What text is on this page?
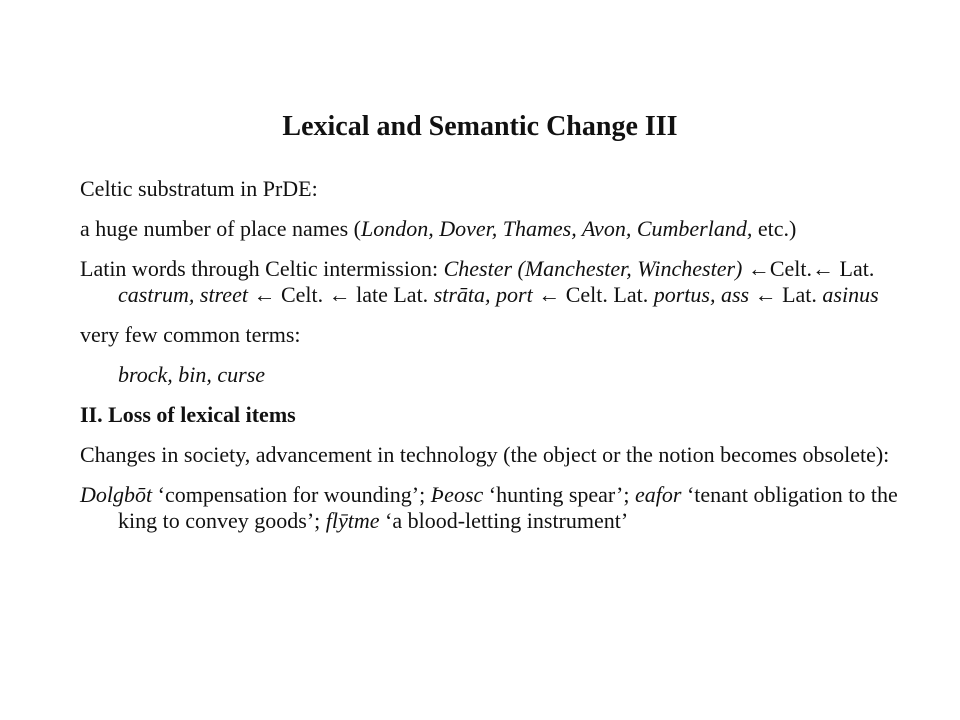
Lexical and Semantic Change III

Celtic substratum in PrDE:

a huge number of place names (London, Dover, Thames, Avon, Cumberland, etc.)

Latin words through Celtic intermission: Chester (Manchester, Winchester) ←Celt.← Lat. castrum, street ← Celt. ← late Lat. strāta, port ← Celt. Lat. portus, ass ← Lat. asinus

very few common terms:

brock, bin, curse

II. Loss of lexical items

Changes in society, advancement in technology (the object or the notion becomes obsolete):

Dolgbōt ‘compensation for wounding’; Þeosc ‘hunting spear’; eafor ‘tenant obligation to the king to convey goods’; flȳtme ‘a blood-letting instrument’
